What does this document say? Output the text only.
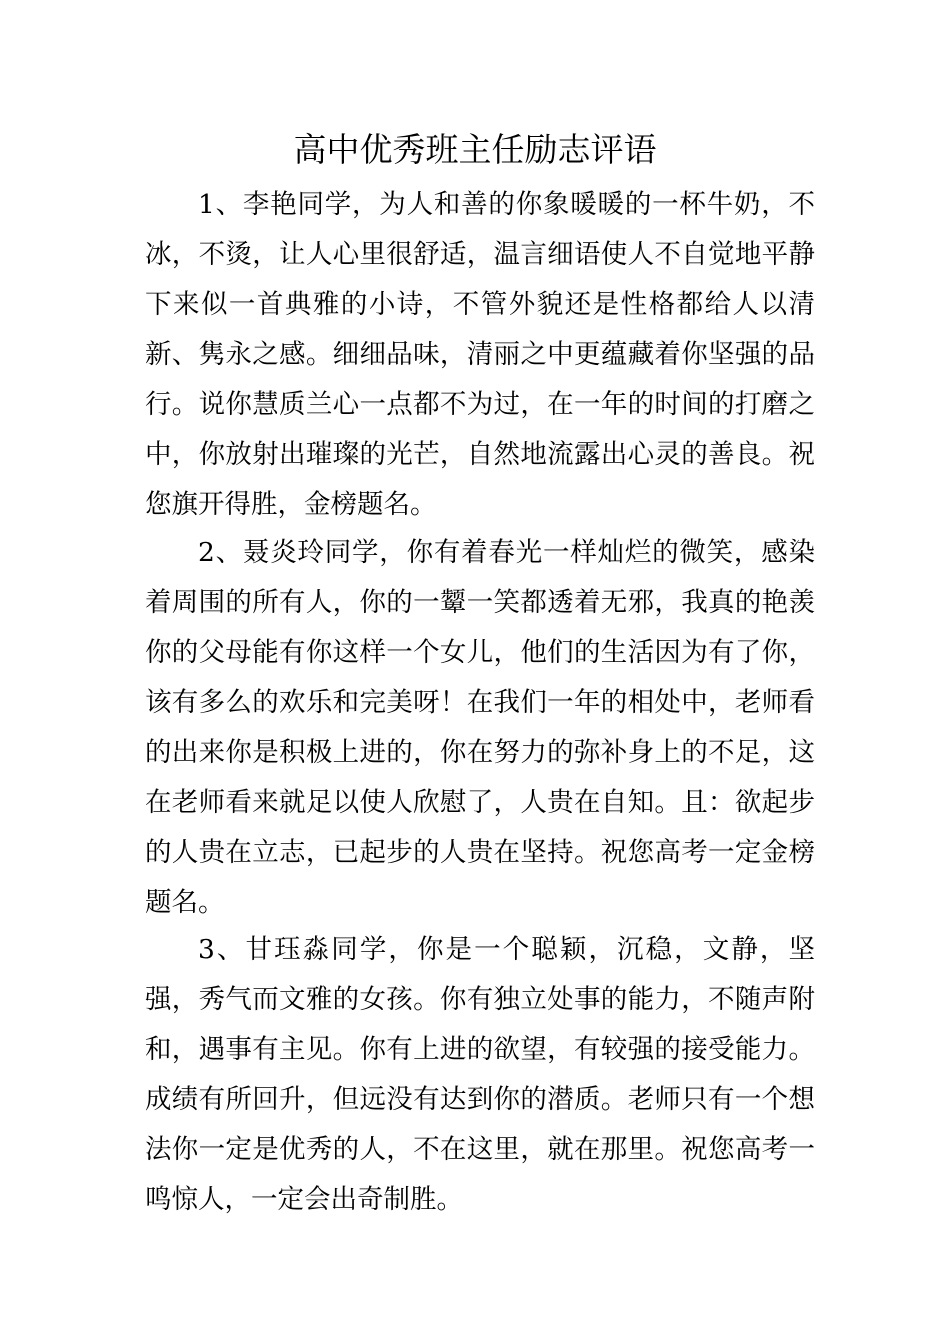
高中优秀班主任励志评语

1、李艳同学，为人和善的你象暖暖的一杯牛奶，不冰，不烫，让人心里很舒适，温言细语使人不自觉地平静下来似一首典雅的小诗，不管外貌还是性格都给人以清新、隽永之感。细细品味，清丽之中更蕴藏着你坚强的品行。说你慧质兰心一点都不为过，在一年的时间的打磨之中，你放射出璀璨的光芒，自然地流露出心灵的善良。祝您旗开得胜，金榜题名。

2、聂炎玲同学，你有着春光一样灿烂的微笑，感染着周围的所有人，你的一颦一笑都透着无邪，我真的艳羡你的父母能有你这样一个女儿，他们的生活因为有了你，该有多么的欢乐和完美呀！在我们一年的相处中，老师看的出来你是积极上进的，你在努力的弥补身上的不足，这在老师看来就足以使人欣慰了，人贵在自知。且：欲起步的人贵在立志，已起步的人贵在坚持。祝您高考一定金榜题名。

3、甘珏淼同学，你是一个聪颖，沉稳，文静，坚强，秀气而文雅的女孩。你有独立处事的能力，不随声附和，遇事有主见。你有上进的欲望，有较强的接受能力。成绩有所回升，但远没有达到你的潜质。老师只有一个想法你一定是优秀的人，不在这里，就在那里。祝您高考一鸣惊人，一定会出奇制胜。
